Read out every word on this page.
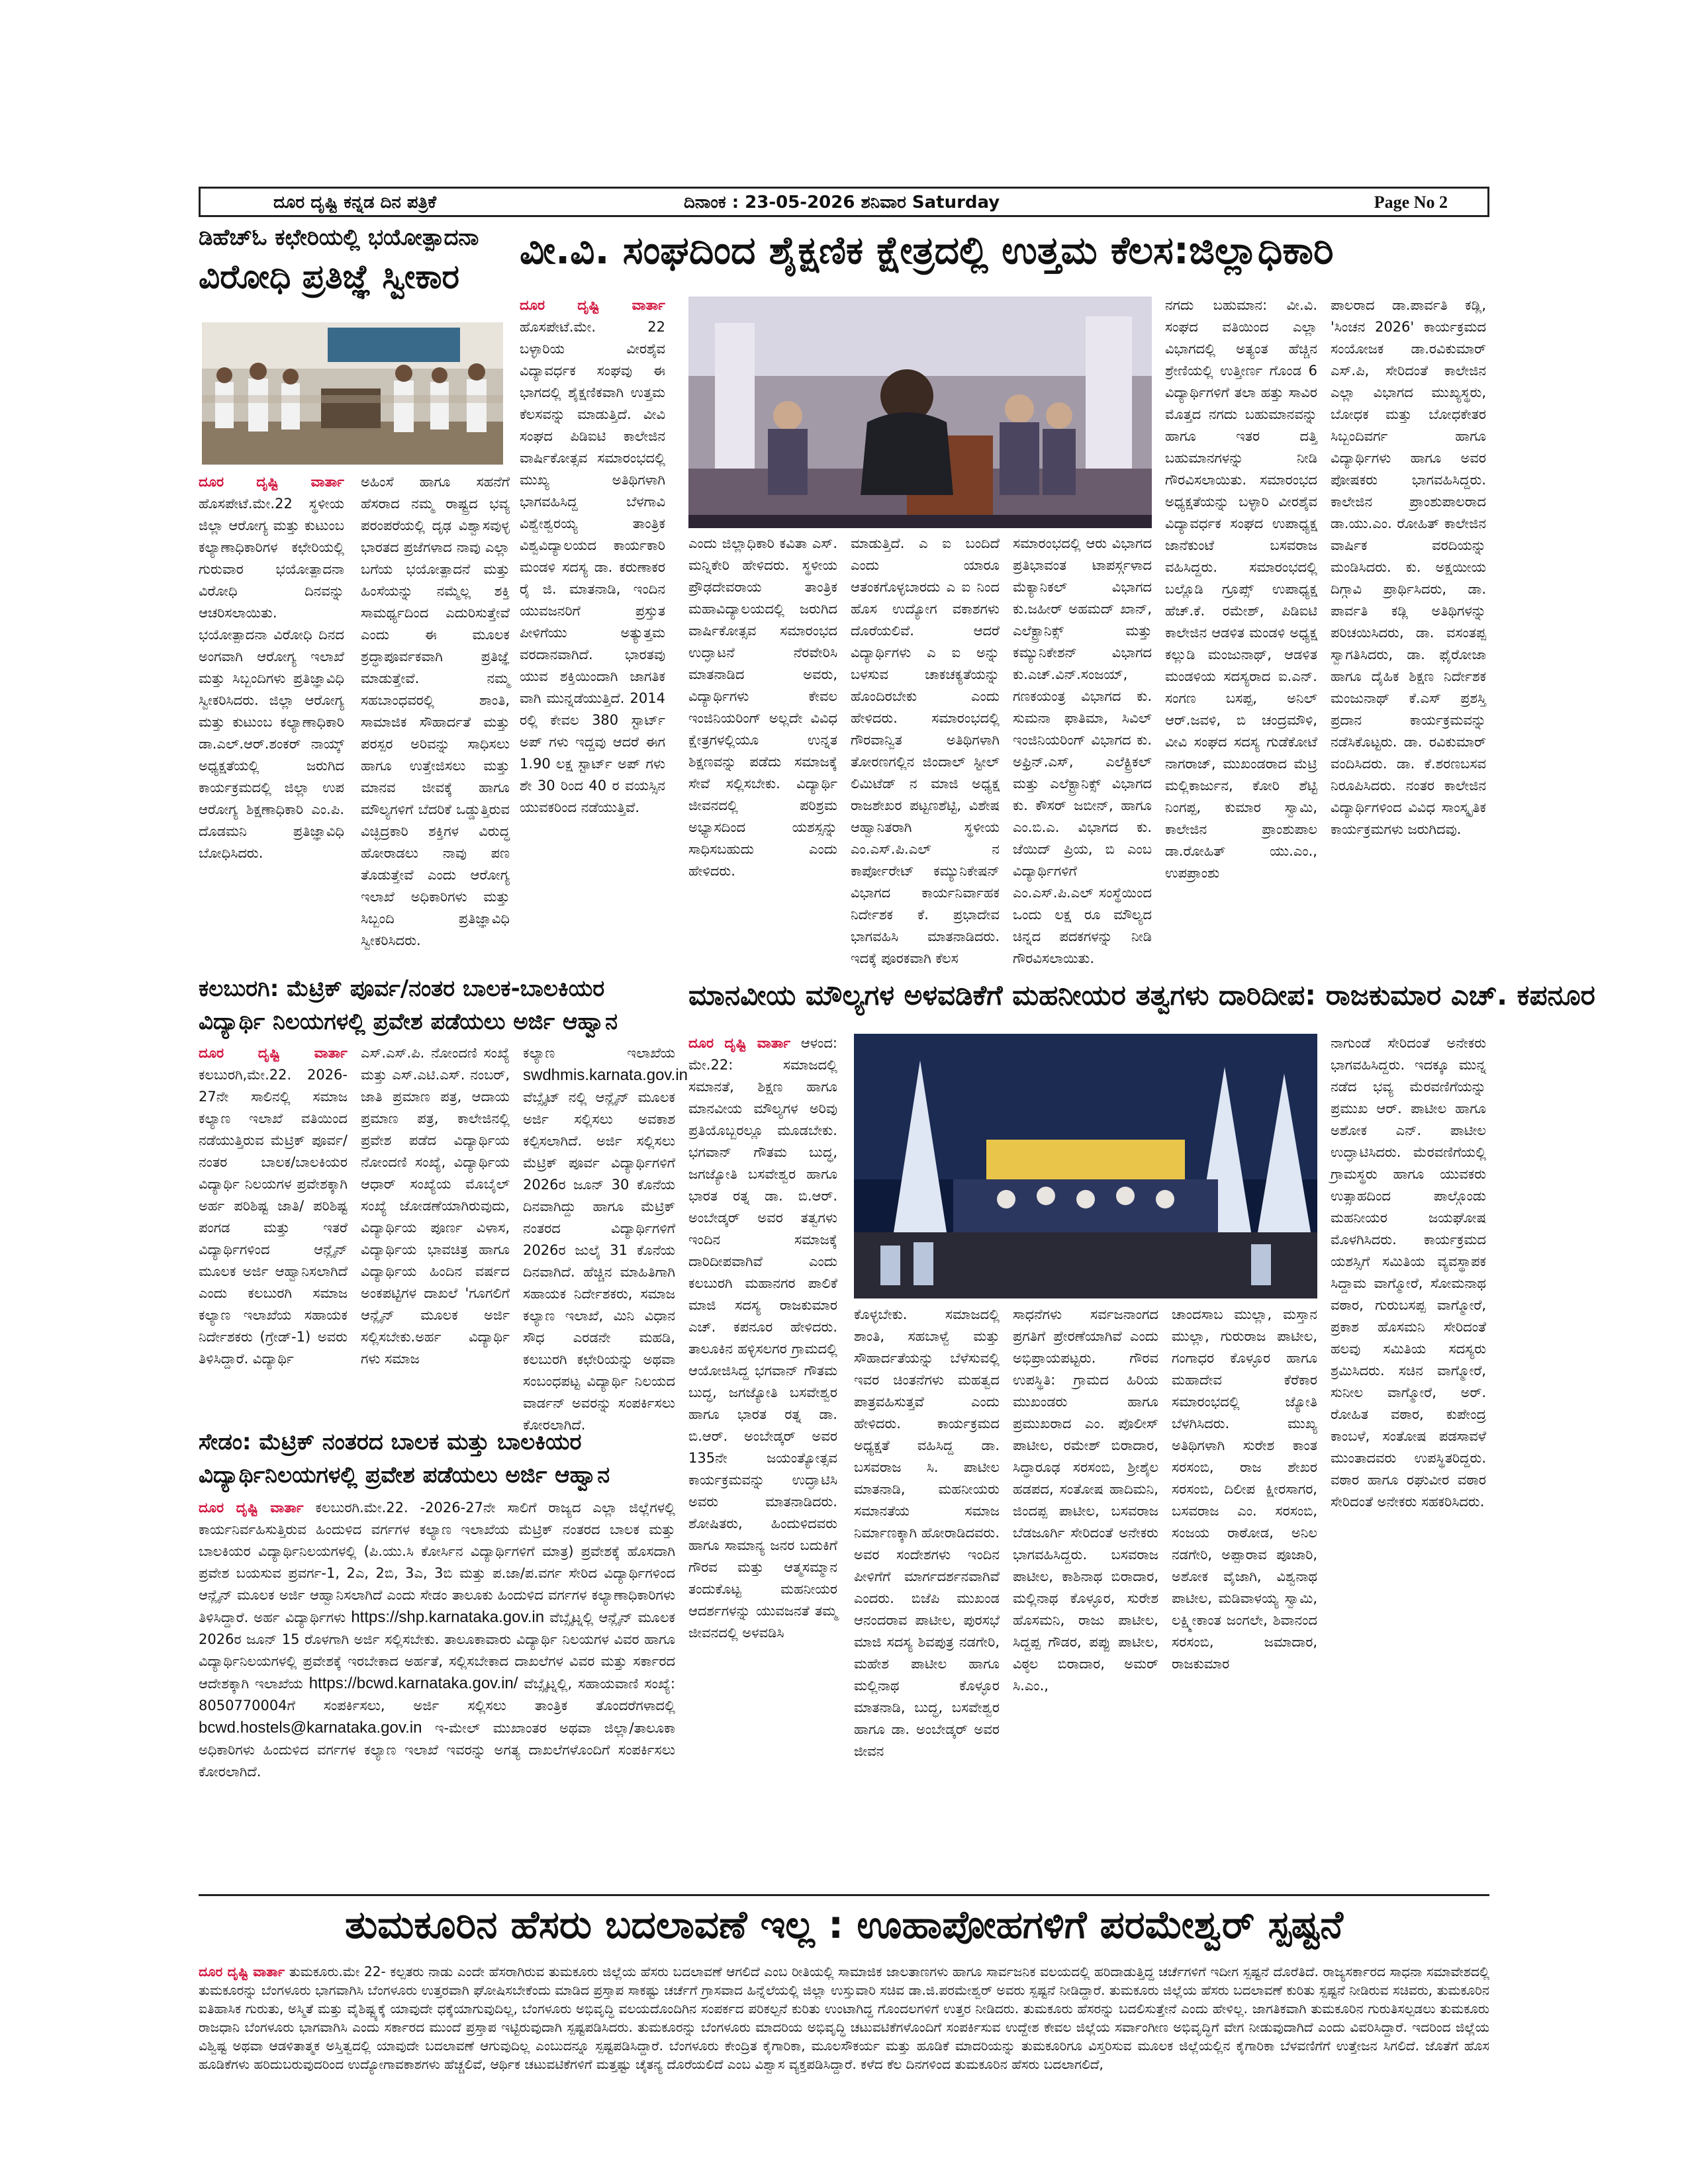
ದೂರ ದೃಷ್ಟಿ ಕನ್ನಡ ದಿನ ಪತ್ರಿಕೆ	ದಿನಾಂಕ : 23-05-2026 ಶನಿವಾರ Saturday	Page No 2
ಡಿಹೆಚ್ಓ ಕಛೇರಿಯಲ್ಲಿ ಭಯೋತ್ಪಾದನಾ
ವಿರೋಧಿ ಪ್ರತಿಜ್ಞೆ ಸ್ವೀಕಾರ

ದೂರ ದೃಷ್ಟಿ ವಾರ್ತಾ ಹೊಸಪೇಟೆ.ಮೇ.22 ಸ್ಥಳೀಯ ಜಿಲ್ಲಾ ಆರೋಗ್ಯ ಮತ್ತು ಕುಟುಂಬ ಕಲ್ಯಾಣಾಧಿಕಾರಿಗಳ ಕಛೇರಿಯಲ್ಲಿ ಗುರುವಾರ ಭಯೋತ್ಪಾದನಾ ವಿರೋಧಿ ದಿನವನ್ನು ಆಚರಿಸಲಾಯಿತು. ಭಯೋತ್ಪಾದನಾ ವಿರೋಧಿ ದಿನದ ಅಂಗವಾಗಿ ಆರೋಗ್ಯ ಇಲಾಖೆ ಮತ್ತು ಸಿಬ್ಬಂದಿಗಳು ಪ್ರತಿಜ್ಞಾವಿಧಿ ಸ್ವೀಕರಿಸಿದರು. ಜಿಲ್ಲಾ ಆರೋಗ್ಯ ಮತ್ತು ಕುಟುಂಬ ಕಲ್ಯಾಣಾಧಿಕಾರಿ ಡಾ.ಎಲ್.ಆರ್.ಶಂಕರ್ ನಾಯ್ಕ್ ಅಧ್ಯಕ್ಷತೆಯಲ್ಲಿ ಜರುಗಿದ ಕಾರ್ಯಕ್ರಮದಲ್ಲಿ ಜಿಲ್ಲಾ ಉಪ ಆರೋಗ್ಯ ಶಿಕ್ಷಣಾಧಿಕಾರಿ ಎಂ.ಪಿ. ದೊಡಮನಿ ಪ್ರತಿಜ್ಞಾವಿಧಿ ಬೋಧಿಸಿದರು.

ಅಹಿಂಸೆ ಹಾಗೂ ಸಹನೆಗೆ ಹೆಸರಾದ ನಮ್ಮ ರಾಷ್ಟ್ರದ ಭವ್ಯ ಪರಂಪರೆಯಲ್ಲಿ ದೃಢ ವಿಶ್ವಾಸವುಳ್ಳ ಭಾರತದ ಪ್ರಜೆಗಳಾದ ನಾವು ಎಲ್ಲಾ ಬಗೆಯ ಭಯೋತ್ಪಾದನೆ ಮತ್ತು ಹಿಂಸೆಯನ್ನು ನಮ್ಮೆಲ್ಲ ಶಕ್ತಿ ಸಾಮರ್ಥ್ಯದಿಂದ ಎದುರಿಸುತ್ತೇವೆ ಎಂದು ಈ ಮೂಲಕ ಶ್ರದ್ಧಾಪೂರ್ವಕವಾಗಿ ಪ್ರತಿಜ್ಞೆ ಮಾಡುತ್ತೇವೆ. ನಮ್ಮ ಸಹಬಾಂಧವರಲ್ಲಿ ಶಾಂತಿ, ಸಾಮಾಜಿಕ ಸೌಹಾರ್ದತೆ ಮತ್ತು ಪರಸ್ಪರ ಅರಿವನ್ನು ಸಾಧಿಸಲು ಹಾಗೂ ಉತ್ತೇಜಿಸಲು ಮತ್ತು ಮಾನವ ಜೀವಕ್ಕೆ ಹಾಗೂ ಮೌಲ್ಯಗಳಿಗೆ ಬೆದರಿಕೆ ಒಡ್ಡುತ್ತಿರುವ ವಿಚ್ಛಿದ್ರಕಾರಿ ಶಕ್ತಿಗಳ ವಿರುದ್ಧ ಹೋರಾಡಲು ನಾವು ಪಣ ತೊಡುತ್ತೇವೆ ಎಂದು ಆರೋಗ್ಯ ಇಲಾಖೆ ಅಧಿಕಾರಿಗಳು ಮತ್ತು ಸಿಬ್ಬಂದಿ ಪ್ರತಿಜ್ಞಾವಿಧಿ ಸ್ವೀಕರಿಸಿದರು.
ವೀ.ವಿ. ಸಂಘದಿಂದ ಶೈಕ್ಷಣಿಕ ಕ್ಷೇತ್ರದಲ್ಲಿ ಉತ್ತಮ ಕೆಲಸ:ಜಿಲ್ಲಾಧಿಕಾರಿ

ದೂರ ದೃಷ್ಟಿ ವಾರ್ತಾ ಹೊಸಪೇಟೆ.ಮೇ. 22 ಬಳ್ಳಾರಿಯ ವೀರಶೈವ ವಿದ್ಯಾವರ್ಧಕ ಸಂಘವು ಈ ಭಾಗದಲ್ಲಿ ಶೈಕ್ಷಣಿಕವಾಗಿ ಉತ್ತಮ ಕೆಲಸವನ್ನು ಮಾಡುತ್ತಿದೆ. ವೀವಿ ಸಂಘದ ಪಿಡಿಐಟಿ ಕಾಲೇಜಿನ ವಾರ್ಷಿಕೋತ್ಸವ ಸಮಾರಂಭದಲ್ಲಿ ಮುಖ್ಯ ಅತಿಥಿಗಳಾಗಿ ಭಾಗವಹಿಸಿದ್ದ ಬೆಳಗಾವಿ ವಿಶ್ವೇಶ್ವರಯ್ಯ ತಾಂತ್ರಿಕ ವಿಶ್ವವಿದ್ಯಾಲಯದ ಕಾರ್ಯಕಾರಿ ಮಂಡಳಿ ಸದಸ್ಯ ಡಾ. ಕರುಣಾಕರ ರೈ ಜಿ. ಮಾತನಾಡಿ, ಇಂದಿನ ಯುವಜನರಿಗೆ ಪ್ರಸ್ತುತ ಪೀಳಿಗೆಯು ಅತ್ಯುತ್ತಮ ವರದಾನವಾಗಿದೆ. ಭಾರತವು ಯುವ ಶಕ್ತಿಯಿಂದಾಗಿ ಜಾಗತಿಕ ವಾಗಿ ಮುನ್ನಡೆಯುತ್ತಿದೆ. 2014 ರಲ್ಲಿ ಕೇವಲ 380 ಸ್ಟಾರ್ಟ್ ಅಪ್ ಗಳು ಇದ್ದವು ಆದರೆ ಈಗ 1.90 ಲಕ್ಷ ಸ್ಟಾರ್ಟ್ ಅಪ್ ಗಳು ಶೇ 30 ರಿಂದ 40 ರ ವಯಸ್ಸಿನ ಯುವಕರಿಂದ ನಡೆಯುತ್ತಿವೆ.

ಎಂದು ಜಿಲ್ಲಾಧಿಕಾರಿ ಕವಿತಾ ಎಸ್. ಮನ್ನಿಕೇರಿ ಹೇಳಿದರು. ಸ್ಥಳೀಯ ಪ್ರೌಢದೇವರಾಯ ತಾಂತ್ರಿಕ ಮಹಾವಿದ್ಯಾಲಯದಲ್ಲಿ ಜರುಗಿದ ವಾರ್ಷಿಕೋತ್ಸವ ಸಮಾರಂಭದ ಉದ್ಘಾಟನೆ ನೆರವೇರಿಸಿ ಮಾತನಾಡಿದ ಅವರು, ವಿದ್ಯಾರ್ಥಿಗಳು ಕೇವಲ ಇಂಜಿನಿಯರಿಂಗ್ ಅಲ್ಲದೇ ವಿವಿಧ ಕ್ಷೇತ್ರಗಳಲ್ಲಿಯೂ ಉನ್ನತ ಶಿಕ್ಷಣವನ್ನು ಪಡೆದು ಸಮಾಜಕ್ಕೆ ಸೇವೆ ಸಲ್ಲಿಸಬೇಕು. ವಿದ್ಯಾರ್ಥಿ ಜೀವನದಲ್ಲಿ ಪರಿಶ್ರಮ ಅಭ್ಯಾಸದಿಂದ ಯಶಸ್ಸನ್ನು ಸಾಧಿಸಬಹುದು ಎಂದು ಹೇಳಿದರು.
ಮಾಡುತ್ತಿದೆ. ಎ ಐ ಬಂದಿದೆ ಎಂದು ಯಾರೂ ಆತಂಕಗೊಳ್ಳಬಾರದು ಎ ಐ ನಿಂದ ಹೊಸ ಉದ್ಯೋಗ ವಕಾಶಗಳು ದೊರೆಯಲಿವೆ. ಆದರೆ ವಿದ್ಯಾರ್ಥಿಗಳು ಎ ಐ ಅನ್ನು ಬಳಸುವ ಚಾಕಚಕ್ಯತೆಯನ್ನು ಹೊಂದಿರಬೇಕು ಎಂದು ಹೇಳಿದರು. ಸಮಾರಂಭದಲ್ಲಿ ಗೌರವಾನ್ವಿತ ಅತಿಥಿಗಳಾಗಿ ತೋರಣಗಲ್ಲಿನ ಜಿಂದಾಲ್ ಸ್ಟೀಲ್ ಲಿಮಿಟೆಡ್ ನ ಮಾಜಿ ಅಧ್ಯಕ್ಷ ರಾಜಶೇಖರ ಪಟ್ಟಣಶೆಟ್ಟಿ, ವಿಶೇಷ ಆಹ್ವಾನಿತರಾಗಿ ಸ್ಥಳೀಯ ಎಂ.ಎಸ್.ಪಿ.ಎಲ್ ನ ಕಾರ್ಪೋರೇಟ್ ಕಮ್ಯುನಿಕೇಷನ್ ವಿಭಾಗದ ಕಾರ್ಯನಿರ್ವಾಹಕ ನಿರ್ದೇಶಕ ಕೆ. ಪ್ರಭಾದೇವ ಭಾಗವಹಿಸಿ ಮಾತನಾಡಿದರು. ಇದಕ್ಕೆ ಪೂರಕವಾಗಿ ಕೆಲಸ
ಸಮಾರಂಭದಲ್ಲಿ ಆರು ವಿಭಾಗದ ಪ್ರತಿಭಾವಂತ ಟಾಪರ್ಸ್ಗಳಾದ ಮೆಕ್ಯಾನಿಕಲ್ ವಿಭಾಗದ ಕು.ಜಹೀರ್ ಅಹಮದ್ ಖಾನ್, ಎಲೆಕ್ಟ್ರಾನಿಕ್ಸ್ ಮತ್ತು ಕಮ್ಯುನಿಕೇಶನ್ ವಿಭಾಗದ ಕು.ಎಚ್.ವಿನ್.ಸಂಜಯ್, ಗಣಕಯಂತ್ರ ವಿಭಾಗದ ಕು. ಸುಮನಾ ಫಾತಿಮಾ, ಸಿವಿಲ್ ಇಂಜಿನಿಯರಿಂಗ್ ವಿಭಾಗದ ಕು. ಅಫ್ರಿನ್.ಎಸ್, ಎಲೆಕ್ಟ್ರಿಕಲ್ ಮತ್ತು ಎಲೆಕ್ಟ್ರಾನಿಕ್ಸ್ ವಿಭಾಗದ ಕು. ಕೌಸರ್ ಜಬೀನ್, ಹಾಗೂ ಎಂ.ಬಿ.ಎ. ವಿಭಾಗದ ಕು. ಜೆಯಿದ್ ಪ್ರಿಯ, ಬಿ ಎಂಬ ವಿದ್ಯಾರ್ಥಿಗಳಿಗೆ ಎಂ.ಎಸ್.ಪಿ.ಎಲ್ ಸಂಸ್ಥೆಯಿಂದ ಒಂದು ಲಕ್ಷ ರೂ ಮೌಲ್ಯದ ಚಿನ್ನದ ಪದಕಗಳನ್ನು ನೀಡಿ ಗೌರವಿಸಲಾಯಿತು.
ನಗದು ಬಹುಮಾನ: ವೀ.ವಿ. ಸಂಘದ ವತಿಯಿಂದ ಎಲ್ಲಾ ವಿಭಾಗದಲ್ಲಿ ಅತ್ಯಂತ ಹೆಚ್ಚಿನ ಶ್ರೇಣಿಯಲ್ಲಿ ಉತ್ತೀರ್ಣ ಗೊಂಡ 6 ವಿದ್ಯಾರ್ಥಿಗಳಿಗೆ ತಲಾ ಹತ್ತು ಸಾವಿರ ಮೊತ್ತದ ನಗದು ಬಹುಮಾನವನ್ನು ಹಾಗೂ ಇತರ ದತ್ತಿ ಬಹುಮಾನಗಳನ್ನು ನೀಡಿ ಗೌರವಿಸಲಾಯಿತು. ಸಮಾರಂಭದ ಅಧ್ಯಕ್ಷತೆಯನ್ನು ಬಳ್ಳಾರಿ ವೀರಶೈವ ವಿದ್ಯಾವರ್ಧಕ ಸಂಘದ ಉಪಾಧ್ಯಕ್ಷ ಜಾನೆಕುಂಟೆ ಬಸವರಾಜ ವಹಿಸಿದ್ದರು. ಸಮಾರಂಭದಲ್ಲಿ ಬಲ್ಲೊಡಿ ಗ್ರೂಪ್ಸ್ ಉಪಾಧ್ಯಕ್ಷ ಹೆಚ್.ಕೆ. ರಮೇಶ್, ಪಿಡಿಐಟಿ ಕಾಲೇಜಿನ ಆಡಳಿತ ಮಂಡಳಿ ಅಧ್ಯಕ್ಷ ಕಲ್ಲುಡಿ ಮಂಜುನಾಥ್, ಆಡಳಿತ ಮಂಡಳಿಯ ಸದಸ್ಯರಾದ ಐ.ಎನ್. ಸಂಗಣ ಬಸಪ್ಪ, ಅನಿಲ್ ಆರ್.ಜವಳಿ, ಬಿ ಚಂದ್ರಮೌಳಿ, ವೀವಿ ಸಂಘದ ಸದಸ್ಯ ಗುಡೆಕೋಟೆ ನಾಗರಾಜ್, ಮುಖಂಡರಾದ ಮೆಟ್ರಿ ಮಲ್ಲಿಕಾರ್ಜುನ, ಕೋರಿ ಶೆಟ್ಟಿ ನಿಂಗಪ್ಪ, ಕುಮಾರ ಸ್ವಾಮಿ, ಕಾಲೇಜಿನ ಪ್ರಾಂಶುಪಾಲ ಡಾ.ರೋಹಿತ್ ಯು.ಎಂ., ಉಪಪ್ರಾಂಶು
ಪಾಲರಾದ ಡಾ.ಪಾರ್ವತಿ ಕಡ್ಲಿ, 'ಸಿಂಚನ 2026' ಕಾರ್ಯಕ್ರಮದ ಸಂಯೋಜಕ ಡಾ.ರವಿಕುಮಾರ್ ಎಸ್.ಪಿ, ಸೇರಿದಂತೆ ಕಾಲೇಜಿನ ಎಲ್ಲಾ ವಿಭಾಗದ ಮುಖ್ಯಸ್ಥರು, ಬೋಧಕ ಮತ್ತು ಬೋಧಕೇತರ ಸಿಬ್ಬಂದಿವರ್ಗ ಹಾಗೂ ವಿದ್ಯಾರ್ಥಿಗಳು ಹಾಗೂ ಅವರ ಪೋಷಕರು ಭಾಗವಹಿಸಿದ್ದರು. ಕಾಲೇಜಿನ ಪ್ರಾಂಶುಪಾಲರಾದ ಡಾ.ಯು.ಎಂ. ರೋಹಿತ್ ಕಾಲೇಜಿನ ವಾರ್ಷಿಕ ವರದಿಯನ್ನು ಮಂಡಿಸಿದರು. ಕು. ಅಕ್ಷಯೀಯ ದಿಗ್ಗಾವಿ ಪ್ರಾರ್ಥಿಸಿದರು, ಡಾ. ಪಾರ್ವತಿ ಕಡ್ಲಿ ಅತಿಥಿಗಳನ್ನು ಪರಿಚಯಿಸಿದರು, ಡಾ. ವಸಂತಪ್ಪ ಸ್ವಾಗತಿಸಿದರು, ಡಾ. ಫೈರೋಜಾ ಹಾಗೂ ದೈಹಿಕ ಶಿಕ್ಷಣ ನಿರ್ದೇಶಕ ಮಂಜುನಾಥ್ ಕೆ.ಎಸ್ ಪ್ರಶಸ್ತಿ ಪ್ರದಾನ ಕಾರ್ಯಕ್ರಮವನ್ನು ನಡೆಸಿಕೊಟ್ಟರು. ಡಾ. ರವಿಕುಮಾರ್ ವಂದಿಸಿದರು. ಡಾ. ಕೆ.ಶರಣಬಸವ ನಿರೂಪಿಸಿದರು. ನಂತರ ಕಾಲೇಜಿನ ವಿದ್ಯಾರ್ಥಿಗಳಿಂದ ವಿವಿಧ ಸಾಂಸ್ಕೃತಿಕ ಕಾರ್ಯಕ್ರಮಗಳು ಜರುಗಿದವು.
ಕಲಬುರಗಿ: ಮೆಟ್ರಿಕ್ ಪೂರ್ವ/ನಂತರ ಬಾಲಕ-ಬಾಲಕಿಯರ
ವಿದ್ಯಾರ್ಥಿ ನಿಲಯಗಳಲ್ಲಿ ಪ್ರವೇಶ ಪಡೆಯಲು ಅರ್ಜಿ ಆಹ್ವಾನ

ದೂರ ದೃಷ್ಟಿ ವಾರ್ತಾ ಕಲಬುರಗಿ,ಮೇ.22. 2026-27ನೇ ಸಾಲಿನಲ್ಲಿ ಸಮಾಜ ಕಲ್ಯಾಣ ಇಲಾಖೆ ವತಿಯಿಂದ ನಡೆಯುತ್ತಿರುವ ಮೆಟ್ರಿಕ್ ಪೂರ್ವ/ ನಂತರ ಬಾಲಕ/ಬಾಲಕಿಯರ ವಿದ್ಯಾರ್ಥಿ ನಿಲಯಗಳ ಪ್ರವೇಶಕ್ಕಾಗಿ ಅರ್ಹ ಪರಿಶಿಷ್ಟ ಜಾತಿ/ ಪರಿಶಿಷ್ಟ ಪಂಗಡ ಮತ್ತು ಇತರೆ ವಿದ್ಯಾರ್ಥಿಗಳಿಂದ ಆನ್ಲೈನ್ ಮೂಲಕ ಅರ್ಜಿ ಆಹ್ವಾನಿಸಲಾಗಿದೆ ಎಂದು ಕಲಬುರಗಿ ಸಮಾಜ ಕಲ್ಯಾಣ ಇಲಾಖೆಯ ಸಹಾಯಕ ನಿರ್ದೇಶಕರು (ಗ್ರೇಡ್-1) ಅವರು ತಿಳಿಸಿದ್ದಾರೆ. ವಿದ್ಯಾರ್ಥಿ

ಎಸ್.ಎಸ್.ಪಿ. ನೋಂದಣಿ ಸಂಖ್ಯೆ ಮತ್ತು ಎಸ್.ಎಟಿ.ಎಸ್. ನಂಬರ್, ಜಾತಿ ಪ್ರಮಾಣ ಪತ್ರ, ಆದಾಯ ಪ್ರಮಾಣ ಪತ್ರ, ಕಾಲೇಜಿನಲ್ಲಿ ಪ್ರವೇಶ ಪಡೆದ ವಿದ್ಯಾರ್ಥಿಯ ನೋಂದಣಿ ಸಂಖ್ಯೆ, ವಿದ್ಯಾರ್ಥಿಯ ಆಧಾರ್ ಸಂಖ್ಯೆಯ ಮೊಬೈಲ್ ಸಂಖ್ಯೆ ಜೋಡಣೆಯಾಗಿರುವುದು, ವಿದ್ಯಾರ್ಥಿಯ ಪೂರ್ಣ ವಿಳಾಸ, ವಿದ್ಯಾರ್ಥಿಯ ಭಾವಚಿತ್ರ ಹಾಗೂ ವಿದ್ಯಾರ್ಥಿಯ ಹಿಂದಿನ ವರ್ಷದ ಅಂಕಪಟ್ಟಿಗಳ ದಾಖಲೆ 'ಗೂಗಲಿಗೆ ಆನ್ಲೈನ್ ಮೂಲಕ ಅರ್ಜಿ ಸಲ್ಲಿಸಬೇಕು.ಅರ್ಹ ವಿದ್ಯಾರ್ಥಿ ಗಳು ಸಮಾಜ

ಕಲ್ಯಾಣ ಇಲಾಖೆಯ swdhmis.karnata.gov.in ವೆಬ್ಸೈಟ್ ನಲ್ಲಿ ಆನ್ಲೈನ್ ಮೂಲಕ ಅರ್ಜಿ ಸಲ್ಲಿಸಲು ಅವಕಾಶ ಕಲ್ಪಿಸಲಾಗಿದೆ. ಅರ್ಜಿ ಸಲ್ಲಿಸಲು ಮೆಟ್ರಿಕ್ ಪೂರ್ವ ವಿದ್ಯಾರ್ಥಿಗಳಿಗೆ 2026ರ ಜೂನ್ 30 ಕೊನೆಯ ದಿನವಾಗಿದ್ದು ಹಾಗೂ ಮೆಟ್ರಿಕ್ ನಂತರದ ವಿದ್ಯಾರ್ಥಿಗಳಿಗೆ 2026ರ ಜುಲೈ 31 ಕೊನೆಯ ದಿನವಾಗಿದೆ. ಹೆಚ್ಚಿನ ಮಾಹಿತಿಗಾಗಿ ಸಹಾಯಕ ನಿರ್ದೇಶಕರು, ಸಮಾಜ ಕಲ್ಯಾಣ ಇಲಾಖೆ, ಮಿನಿ ವಿಧಾನ ಸೌಧ ಎರಡನೇ ಮಹಡಿ, ಕಲಬುರಗಿ ಕಛೇರಿಯನ್ನು ಅಥವಾ ಸಂಬಂಧಪಟ್ಟ ವಿದ್ಯಾರ್ಥಿ ನಿಲಯದ ವಾರ್ಡನ್ ಅವರನ್ನು ಸಂಪರ್ಕಿಸಲು ಕೋರಲಾಗಿದೆ.

ಸೇಡಂ: ಮೆಟ್ರಿಕ್ ನಂತರದ ಬಾಲಕ ಮತ್ತು ಬಾಲಕಿಯರ
ವಿದ್ಯಾರ್ಥಿನಿಲಯಗಳಲ್ಲಿ ಪ್ರವೇಶ ಪಡೆಯಲು ಅರ್ಜಿ ಆಹ್ವಾನ

ದೂರ ದೃಷ್ಟಿ ವಾರ್ತಾ ಕಲಬುರಗಿ.ಮೇ.22. -2026-27ನೇ ಸಾಲಿಗೆ ರಾಜ್ಯದ ಎಲ್ಲಾ ಜಿಲ್ಲೆಗಳಲ್ಲಿ ಕಾರ್ಯನಿರ್ವಹಿಸುತ್ತಿರುವ ಹಿಂದುಳಿದ ವರ್ಗಗಳ ಕಲ್ಯಾಣ ಇಲಾಖೆಯ ಮೆಟ್ರಿಕ್ ನಂತರದ ಬಾಲಕ ಮತ್ತು ಬಾಲಕಿಯರ ವಿದ್ಯಾರ್ಥಿನಿಲಯಗಳಲ್ಲಿ (ಪಿ.ಯು.ಸಿ ಕೋರ್ಸಿನ ವಿದ್ಯಾರ್ಥಿಗಳಿಗೆ ಮಾತ್ರ) ಪ್ರವೇಶಕ್ಕೆ ಹೊಸದಾಗಿ ಪ್ರವೇಶ ಬಯಸುವ ಪ್ರವರ್ಗ-1, 2ಎ, 2ಬಿ, 3ಎ, 3ಬಿ ಮತ್ತು ಪ.ಜಾ/ಪ.ವರ್ಗ ಸೇರಿದ ವಿದ್ಯಾರ್ಥಿಗಳಿಂದ ಆನ್ಲೈನ್ ಮೂಲಕ ಅರ್ಜಿ ಆಹ್ವಾನಿಸಲಾಗಿದೆ ಎಂದು ಸೇಡಂ ತಾಲೂಕು ಹಿಂದುಳಿದ ವರ್ಗಗಳ ಕಲ್ಯಾಣಾಧಿಕಾರಿಗಳು ತಿಳಿಸಿದ್ದಾರೆ. ಅರ್ಹ ವಿದ್ಯಾರ್ಥಿಗಳು https://shp.karnataka.gov.in ವೆಬ್ಸೈಟ್ನಲ್ಲಿ ಆನ್ಲೈನ್ ಮೂಲಕ 2026ರ ಜೂನ್ 15 ರೊಳಗಾಗಿ ಅರ್ಜಿ ಸಲ್ಲಿಸಬೇಕು. ತಾಲೂಕಾವಾರು ವಿದ್ಯಾರ್ಥಿ ನಿಲಯಗಳ ವಿವರ ಹಾಗೂ ವಿದ್ಯಾರ್ಥಿನಿಲಯಗಳಲ್ಲಿ ಪ್ರವೇಶಕ್ಕೆ ಇರಬೇಕಾದ ಅರ್ಹತೆ, ಸಲ್ಲಿಸಬೇಕಾದ ದಾಖಲೆಗಳ ವಿವರ ಮತ್ತು ಸರ್ಕಾರದ ಆದೇಶಕ್ಕಾಗಿ ಇಲಾಖೆಯ https://bcwd.karnataka.gov.in/ ವೆಬ್ಸೈಟ್ನಲ್ಲಿ, ಸಹಾಯವಾಣಿ ಸಂಖ್ಯೆ: 8050770004ಗೆ ಸಂಪರ್ಕಿಸಲು, ಅರ್ಜಿ ಸಲ್ಲಿಸಲು ತಾಂತ್ರಿಕ ತೊಂದರೆಗಳಾದಲ್ಲಿ bcwd.hostels@karnataka.gov.in ಇ-ಮೇಲ್ ಮುಖಾಂತರ ಅಥವಾ ಜಿಲ್ಲಾ/ತಾಲೂಕಾ ಅಧಿಕಾರಿಗಳು ಹಿಂದುಳಿದ ವರ್ಗಗಳ ಕಲ್ಯಾಣ ಇಲಾಖೆ ಇವರನ್ನು ಅಗತ್ಯ ದಾಖಲೆಗಳೊಂದಿಗೆ ಸಂಪರ್ಕಿಸಲು ಕೋರಲಾಗಿದೆ.

ಮಾನವೀಯ ಮೌಲ್ಯಗಳ ಅಳವಡಿಕೆಗೆ ಮಹನೀಯರ ತತ್ವಗಳು ದಾರಿದೀಪ: ರಾಜಕುಮಾರ ಎಚ್. ಕಪನೂರ

ದೂರ ದೃಷ್ಟಿ ವಾರ್ತಾ ಆಳಂದ: ಮೇ.22: ಸಮಾಜದಲ್ಲಿ ಸಮಾನತೆ, ಶಿಕ್ಷಣ ಹಾಗೂ ಮಾನವೀಯ ಮೌಲ್ಯಗಳ ಅರಿವು ಪ್ರತಿಯೊಬ್ಬರಲ್ಲೂ ಮೂಡಬೇಕು. ಭಗವಾನ್ ಗೌತಮ ಬುದ್ಧ, ಜಗಜ್ಯೋತಿ ಬಸವೇಶ್ವರ ಹಾಗೂ ಭಾರತ ರತ್ನ ಡಾ. ಬಿ.ಆರ್. ಅಂಬೇಡ್ಕರ್ ಅವರ ತತ್ವಗಳು ಇಂದಿನ ಸಮಾಜಕ್ಕೆ ದಾರಿದೀಪವಾಗಿವೆ ಎಂದು ಕಲಬುರಗಿ ಮಹಾನಗರ ಪಾಲಿಕೆ ಮಾಜಿ ಸದಸ್ಯ ರಾಜಕುಮಾರ ಎಚ್. ಕಪನೂರ ಹೇಳಿದರು. ತಾಲೂಕಿನ ಹಳ್ಳಿಸಲಗರ ಗ್ರಾಮದಲ್ಲಿ ಆಯೋಜಿಸಿದ್ದ ಭಗವಾನ್ ಗೌತಮ ಬುದ್ಧ, ಜಗಜ್ಯೋತಿ ಬಸವೇಶ್ವರ ಹಾಗೂ ಭಾರತ ರತ್ನ ಡಾ. ಬಿ.ಆರ್. ಅಂಬೇಡ್ಕರ್ ಅವರ 135ನೇ ಜಯಂತ್ಯೋತ್ಸವ ಕಾರ್ಯಕ್ರಮವನ್ನು ಉದ್ಘಾಟಿಸಿ ಅವರು ಮಾತನಾಡಿದರು. ಶೋಷಿತರು, ಹಿಂದುಳಿದವರು ಹಾಗೂ ಸಾಮಾನ್ಯ ಜನರ ಬದುಕಿಗೆ ಗೌರವ ಮತ್ತು ಆತ್ಮಸಮ್ಮಾನ ತಂದುಕೊಟ್ಟ ಮಹನೀಯರ ಆದರ್ಶಗಳನ್ನು ಯುವಜನತೆ ತಮ್ಮ ಜೀವನದಲ್ಲಿ ಅಳವಡಿಸಿ

ನಾಗುಂಡೆ ಸೇರಿದಂತೆ ಅನೇಕರು ಭಾಗವಹಿಸಿದ್ದರು. ಇದಕ್ಕೂ ಮುನ್ನ ನಡೆದ ಭವ್ಯ ಮೆರವಣಿಗೆಯನ್ನು ಪ್ರಮುಖ ಆರ್. ಪಾಟೀಲ ಹಾಗೂ ಅಶೋಕ ಎನ್. ಪಾಟೀಲ ಉದ್ಘಾಟಿಸಿದರು. ಮೆರವಣಿಗೆಯಲ್ಲಿ ಗ್ರಾಮಸ್ಥರು ಹಾಗೂ ಯುವಕರು ಉತ್ಸಾಹದಿಂದ ಪಾಲ್ಗೊಂಡು ಮಹನೀಯರ ಜಯಘೋಷ ಮೊಳಗಿಸಿದರು. ಕಾರ್ಯಕ್ರಮದ ಯಶಸ್ಸಿಗೆ ಸಮಿತಿಯ ವ್ಯವಸ್ಥಾಪಕ ಸಿದ್ದಾಮ ವಾಗ್ಮೋರೆ, ಸೋಮನಾಥ ವಠಾರ, ಗುರುಬಸಪ್ಪ ವಾಗ್ಮೋರೆ, ಪ್ರಕಾಶ ಹೊಸಮನಿ ಸೇರಿದಂತೆ ಹಲವು ಸಮಿತಿಯ ಸದಸ್ಯರು ಶ್ರಮಿಸಿದರು. ಸಚಿನ ವಾಗ್ಮೋರೆ, ಸುನೀಲ ವಾಗ್ಮೋರೆ, ಅರ್. ರೋಹಿತ ವಠಾರ, ಕುಪೇಂದ್ರ ಕಾಂಬಳೆ, ಸಂತೋಷ ಪಡಸಾವಳೆ ಮುಂತಾದವರು ಉಪಸ್ಥಿತರಿದ್ದರು. ವಠಾರ ಹಾಗೂ ರಘುವೀರ ವಠಾರ ಸೇರಿದಂತೆ ಅನೇಕರು ಸಹಕರಿಸಿದರು.
ಕೊಳ್ಳಬೇಕು. ಸಮಾಜದಲ್ಲಿ ಶಾಂತಿ, ಸಹಬಾಳ್ವೆ ಮತ್ತು ಸೌಹಾರ್ದತೆಯನ್ನು ಬೆಳೆಸುವಲ್ಲಿ ಇವರ ಚಿಂತನೆಗಳು ಮಹತ್ವದ ಪಾತ್ರವಹಿಸುತ್ತವೆ ಎಂದು ಹೇಳಿದರು. ಕಾರ್ಯಕ್ರಮದ ಅಧ್ಯಕ್ಷತೆ ವಹಿಸಿದ್ದ ಡಾ. ಬಸವರಾಜ ಸಿ. ಪಾಟೀಲ ಮಾತನಾಡಿ, ಮಹನೀಯರು ಸಮಾನತೆಯ ಸಮಾಜ ನಿರ್ಮಾಣಕ್ಕಾಗಿ ಹೋರಾಡಿದವರು. ಅವರ ಸಂದೇಶಗಳು ಇಂದಿನ ಪೀಳಿಗೆಗೆ ಮಾರ್ಗದರ್ಶನವಾಗಿವೆ ಎಂದರು. ಬಿಜೆಪಿ ಮುಖಂಡ ಆನಂದರಾವ ಪಾಟೀಲ, ಪುರಸಭೆ ಮಾಜಿ ಸದಸ್ಯ ಶಿವಪುತ್ರ ನಡಗೇರಿ, ಮಹೇಶ ಪಾಟೀಲ ಹಾಗೂ ಮಲ್ಲಿನಾಥ ಕೊಳ್ಳೂರ ಮಾತನಾಡಿ, ಬುದ್ಧ, ಬಸವೇಶ್ವರ ಹಾಗೂ ಡಾ. ಅಂಬೇಡ್ಕರ್ ಅವರ ಜೀವನ
ಸಾಧನೆಗಳು ಸರ್ವಜನಾಂಗದ ಪ್ರಗತಿಗೆ ಪ್ರೇರಣೆಯಾಗಿವೆ ಎಂದು ಅಭಿಪ್ರಾಯಪಟ್ಟರು. ಗೌರವ ಉಪಸ್ಥಿತಿ: ಗ್ರಾಮದ ಹಿರಿಯ ಮುಖಂಡರು ಹಾಗೂ ಪ್ರಮುಖರಾದ ಎಂ. ಪೊಲೀಸ್ ಪಾಟೀಲ, ರಮೇಶ್ ಬಿರಾದಾರ, ಸಿದ್ಧಾರೂಢ ಸರಸಂಬಿ, ಶ್ರೀಶೈಲ ಹಡಪದ, ಸಂತೋಷ ಹಾದಿಮನಿ, ಜಿಂದಪ್ಪ ಪಾಟೀಲ, ಬಸವರಾಜ ಬೆಡಜೂರ್ಗಿ ಸೇರಿದಂತೆ ಅನೇಕರು ಭಾಗವಹಿಸಿದ್ದರು. ಬಸವರಾಜ ಪಾಟೀಲ, ಕಾಶಿನಾಥ ಬಿರಾದಾರ, ಮಲ್ಲಿನಾಥ ಕೊಳ್ಳೂರ, ಸುರೇಶ ಹೊಸಮನಿ, ರಾಜು ಪಾಟೀಲ, ಸಿದ್ದಪ್ಪ ಗೌಡರ, ಪಪ್ಪು ಪಾಟೀಲ, ವಿಠ್ಠಲ ಬಿರಾದಾರ, ಅಮರ್ ಸಿ.ಎಂ.,
ಚಾಂದಸಾಬ ಮುಲ್ಲಾ, ಮಸ್ತಾನ ಮುಲ್ಲಾ, ಗುರುರಾಜ ಪಾಟೀಲ, ಗಂಗಾಧರ ಕೊಳ್ಳೂರ ಹಾಗೂ ಮಹಾದೇವ ಕೆರೆಕಾರ ಸಮಾರಂಭದಲ್ಲಿ ಜ್ಯೋತಿ ಬೆಳಗಿಸಿದರು. ಮುಖ್ಯ ಅತಿಥಿಗಳಾಗಿ ಸುರೇಶ ಕಾಂತ ಸರಸಂಬಿ, ರಾಜ ಶೇಖರ ಸರಸಂಬಿ, ದಿಲೀಪ ಕ್ಷೀರಸಾಗರ, ಬಸವರಾಜ ಎಂ. ಸರಸಂಬಿ, ಸಂಜಯ ರಾಠೋಡ, ಅನಿಲ ನಡಗೇರಿ, ಅಪ್ಪಾರಾವ ಪೂಜಾರಿ, ಅಶೋಕ ವೈಜಾಗಿ, ವಿಶ್ವನಾಥ ಪಾಟೀಲ, ಮಡಿವಾಳಯ್ಯ ಸ್ವಾಮಿ, ಲಕ್ಷ್ಮೀಕಾಂತ ಜಂಗಲೇ, ಶಿವಾನಂದ ಸರಸಂಬಿ, ಜಮಾದಾರ, ರಾಜಕುಮಾರ
ತುಮಕೂರಿನ ಹೆಸರು ಬದಲಾವಣೆ ಇಲ್ಲ : ಊಹಾಪೋಹಗಳಿಗೆ ಪರಮೇಶ್ವರ್ ಸ್ಪಷ್ಟನೆ

ದೂರ ದೃಷ್ಟಿ ವಾರ್ತಾ ತುಮಕೂರು.ಮೇ 22- ಕಲ್ಪತರು ನಾಡು ಎಂದೇ ಹೆಸರಾಗಿರುವ ತುಮಕೂರು ಜಿಲ್ಲೆಯ ಹೆಸರು ಬದಲಾವಣೆ ಆಗಲಿದೆ ಎಂಬ ರೀತಿಯಲ್ಲಿ ಸಾಮಾಜಿಕ ಜಾಲತಾಣಗಳು ಹಾಗೂ ಸಾರ್ವಜನಿಕ ವಲಯದಲ್ಲಿ ಹರಿದಾಡುತ್ತಿದ್ದ ಚರ್ಚೆಗಳಿಗೆ ಇದೀಗ ಸ್ಪಷ್ಟನೆ ದೊರೆತಿದೆ. ರಾಜ್ಯಸರ್ಕಾರದ ಸಾಧನಾ ಸಮಾವೇಶದಲ್ಲಿ ತುಮಕೂರನ್ನು ಬೆಂಗಳೂರು ಭಾಗವಾಗಿಸಿ ಬೆಂಗಳೂರು ಉತ್ತರವಾಗಿ ಘೋಷಿಸಬೇಕೆಂದು ಮಾಡಿದ ಪ್ರಸ್ತಾಪ ಸಾಕಷ್ಟು ಚರ್ಚೆಗೆ ಗ್ರಾಸವಾದ ಹಿನ್ನೆಲೆಯಲ್ಲಿ ಜಿಲ್ಲಾ ಉಸ್ತುವಾರಿ ಸಚಿವ ಡಾ.ಜಿ.ಪರಮೇಶ್ವರ್ ಅವರು ಸ್ಪಷ್ಟನೆ ನೀಡಿದ್ದಾರೆ. ತುಮಕೂರು ಜಿಲ್ಲೆಯ ಹೆಸರು ಬದಲಾವಣೆ ಕುರಿತು ಸ್ಪಷ್ಟನೆ ನೀಡಿರುವ ಸಚಿವರು, ತುಮಕೂರಿನ ಐತಿಹಾಸಿಕ ಗುರುತು, ಅಸ್ಮಿತೆ ಮತ್ತು ವೈಶಿಷ್ಟ್ಯಕ್ಕೆ ಯಾವುದೇ ಧಕ್ಕೆಯಾಗುವುದಿಲ್ಲ, ಬೆಂಗಳೂರು ಅಭಿವೃದ್ಧಿ ವಲಯದೊಂದಿಗಿನ ಸಂಪರ್ಕದ ಪರಿಕಲ್ಪನೆ ಕುರಿತು ಉಂಟಾಗಿದ್ದ ಗೊಂದಲಗಳಿಗೆ ಉತ್ತರ ನೀಡಿದರು. ತುಮಕೂರು ಹೆಸರನ್ನು ಬದಲಿಸುತ್ತೇನೆ ಎಂದು ಹೇಳಿಲ್ಲ. ಜಾಗತಿಕವಾಗಿ ತುಮಕೂರಿನ ಗುರುತಿಸಲ್ಪಡಲು ತುಮಕೂರು ರಾಜಧಾನಿ ಬೆಂಗಳೂರು ಭಾಗವಾಗಿಸಿ ಎಂದು ಸರ್ಕಾರದ ಮುಂದೆ ಪ್ರಸ್ತಾಪ ಇಟ್ಟಿರುವುದಾಗಿ ಸ್ಪಷ್ಟಪಡಿಸಿದರು. ತುಮಕೂರನ್ನು ಬೆಂಗಳೂರು ಮಾದರಿಯ ಅಭಿವೃದ್ಧಿ ಚಟುವಟಿಕೆಗಳೊಂದಿಗೆ ಸಂಪರ್ಕಿಸುವ ಉದ್ದೇಶ ಕೇವಲ ಜಿಲ್ಲೆಯ ಸರ್ವಾಂಗೀಣ ಅಭಿವೃದ್ಧಿಗೆ ವೇಗ ನೀಡುವುದಾಗಿದೆ ಎಂದು ವಿವರಿಸಿದ್ದಾರೆ. ಇದರಿಂದ ಜಿಲ್ಲೆಯ ವಿಶ್ವಿಷ್ಟ ಅಥವಾ ಆಡಳಿತಾತ್ಮಕ ಅಸ್ತಿತ್ವದಲ್ಲಿ ಯಾವುದೇ ಬದಲಾವಣೆ ಆಗುವುದಿಲ್ಲ ಎಂಬುದನ್ನೂ ಸ್ಪಷ್ಟಪಡಿಸಿದ್ದಾರೆ. ಬೆಂಗಳೂರು ಕೇಂದ್ರಿತ ಕೈಗಾರಿಕಾ, ಮೂಲಸೌಕರ್ಯ ಮತ್ತು ಹೂಡಿಕೆ ಮಾದರಿಯನ್ನು ತುಮಕೂರಿಗೂ ವಿಸ್ತರಿಸುವ ಮೂಲಕ ಜಿಲ್ಲೆಯಲ್ಲಿನ ಕೈಗಾರಿಕಾ ಬೆಳವಣಿಗೆಗೆ ಉತ್ತೇಜನ ಸಿಗಲಿದೆ. ಜೊತೆಗೆ ಹೊಸ ಹೂಡಿಕೆಗಳು ಹರಿದುಬರುವುದರಿಂದ ಉದ್ಯೋಗಾವಕಾಶಗಳು ಹೆಚ್ಚಲಿವೆ, ಆರ್ಥಿಕ ಚಟುವಟಿಕೆಗಳಿಗೆ ಮತ್ತಷ್ಟು ಚೈತನ್ಯ ದೊರೆಯಲಿದೆ ಎಂಬ ವಿಶ್ವಾಸ ವ್ಯಕ್ತಪಡಿಸಿದ್ದಾರೆ. ಕಳೆದ ಕೆಲ ದಿನಗಳಿಂದ ತುಮಕೂರಿನ ಹೆಸರು ಬದಲಾಗಲಿದೆ,
